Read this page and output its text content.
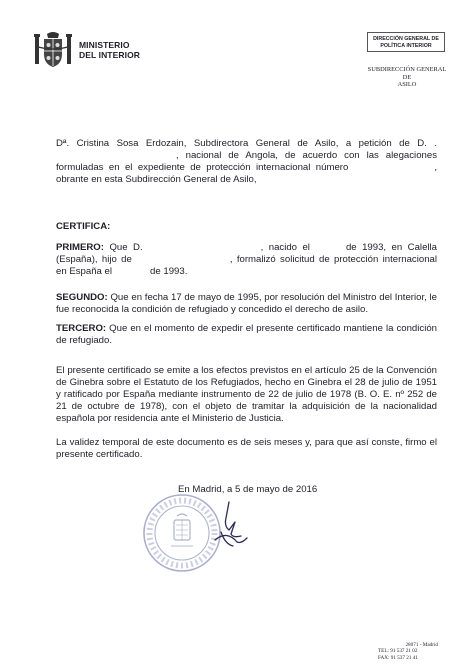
MINISTERIO
DEL INTERIOR
DIRECCIÓN GENERAL DE
POLÍTICA INTERIOR
SUBDIRECCIÓN GENERAL DE
ASILO
Dª. Cristina Sosa Erdozain, Subdirectora General de Asilo, a petición de D. ., nacional de Angola, de acuerdo con las alegaciones formuladas en el expediente de protección internacional número	, obrante en esta Subdirección General de Asilo,
CERTIFICA:
PRIMERO: Que D.	, nacido el	de 1993, en Calella (España), hijo de	, formalizó solicitud de protección internacional en España el	de 1993.
SEGUNDO: Que en fecha 17 de mayo de 1995, por resolución del Ministro del Interior, le fue reconocida la condición de refugiado y concedido el derecho de asilo.
TERCERO: Que en el momento de expedir el presente certificado mantiene la condición de refugiado.
El presente certificado se emite a los efectos previstos en el artículo 25 de la Convención de Ginebra sobre el Estatuto de los Refugiados, hecho en Ginebra el 28 de julio de 1951 y ratificado por España mediante instrumento de 22 de julio de 1978 (B. O. E. nº 252 de 21 de octubre de 1978), con el objeto de tramitar la adquisición de la nacionalidad española por residencia ante el Ministerio de Justicia.
La validez temporal de este documento es de seis meses y, para que así conste, firmo el presente certificado.
En Madrid, a 5 de mayo de 2016
28071 - Madrid
TEL: 91 537 21 02
FAX: 91 537 21 41
